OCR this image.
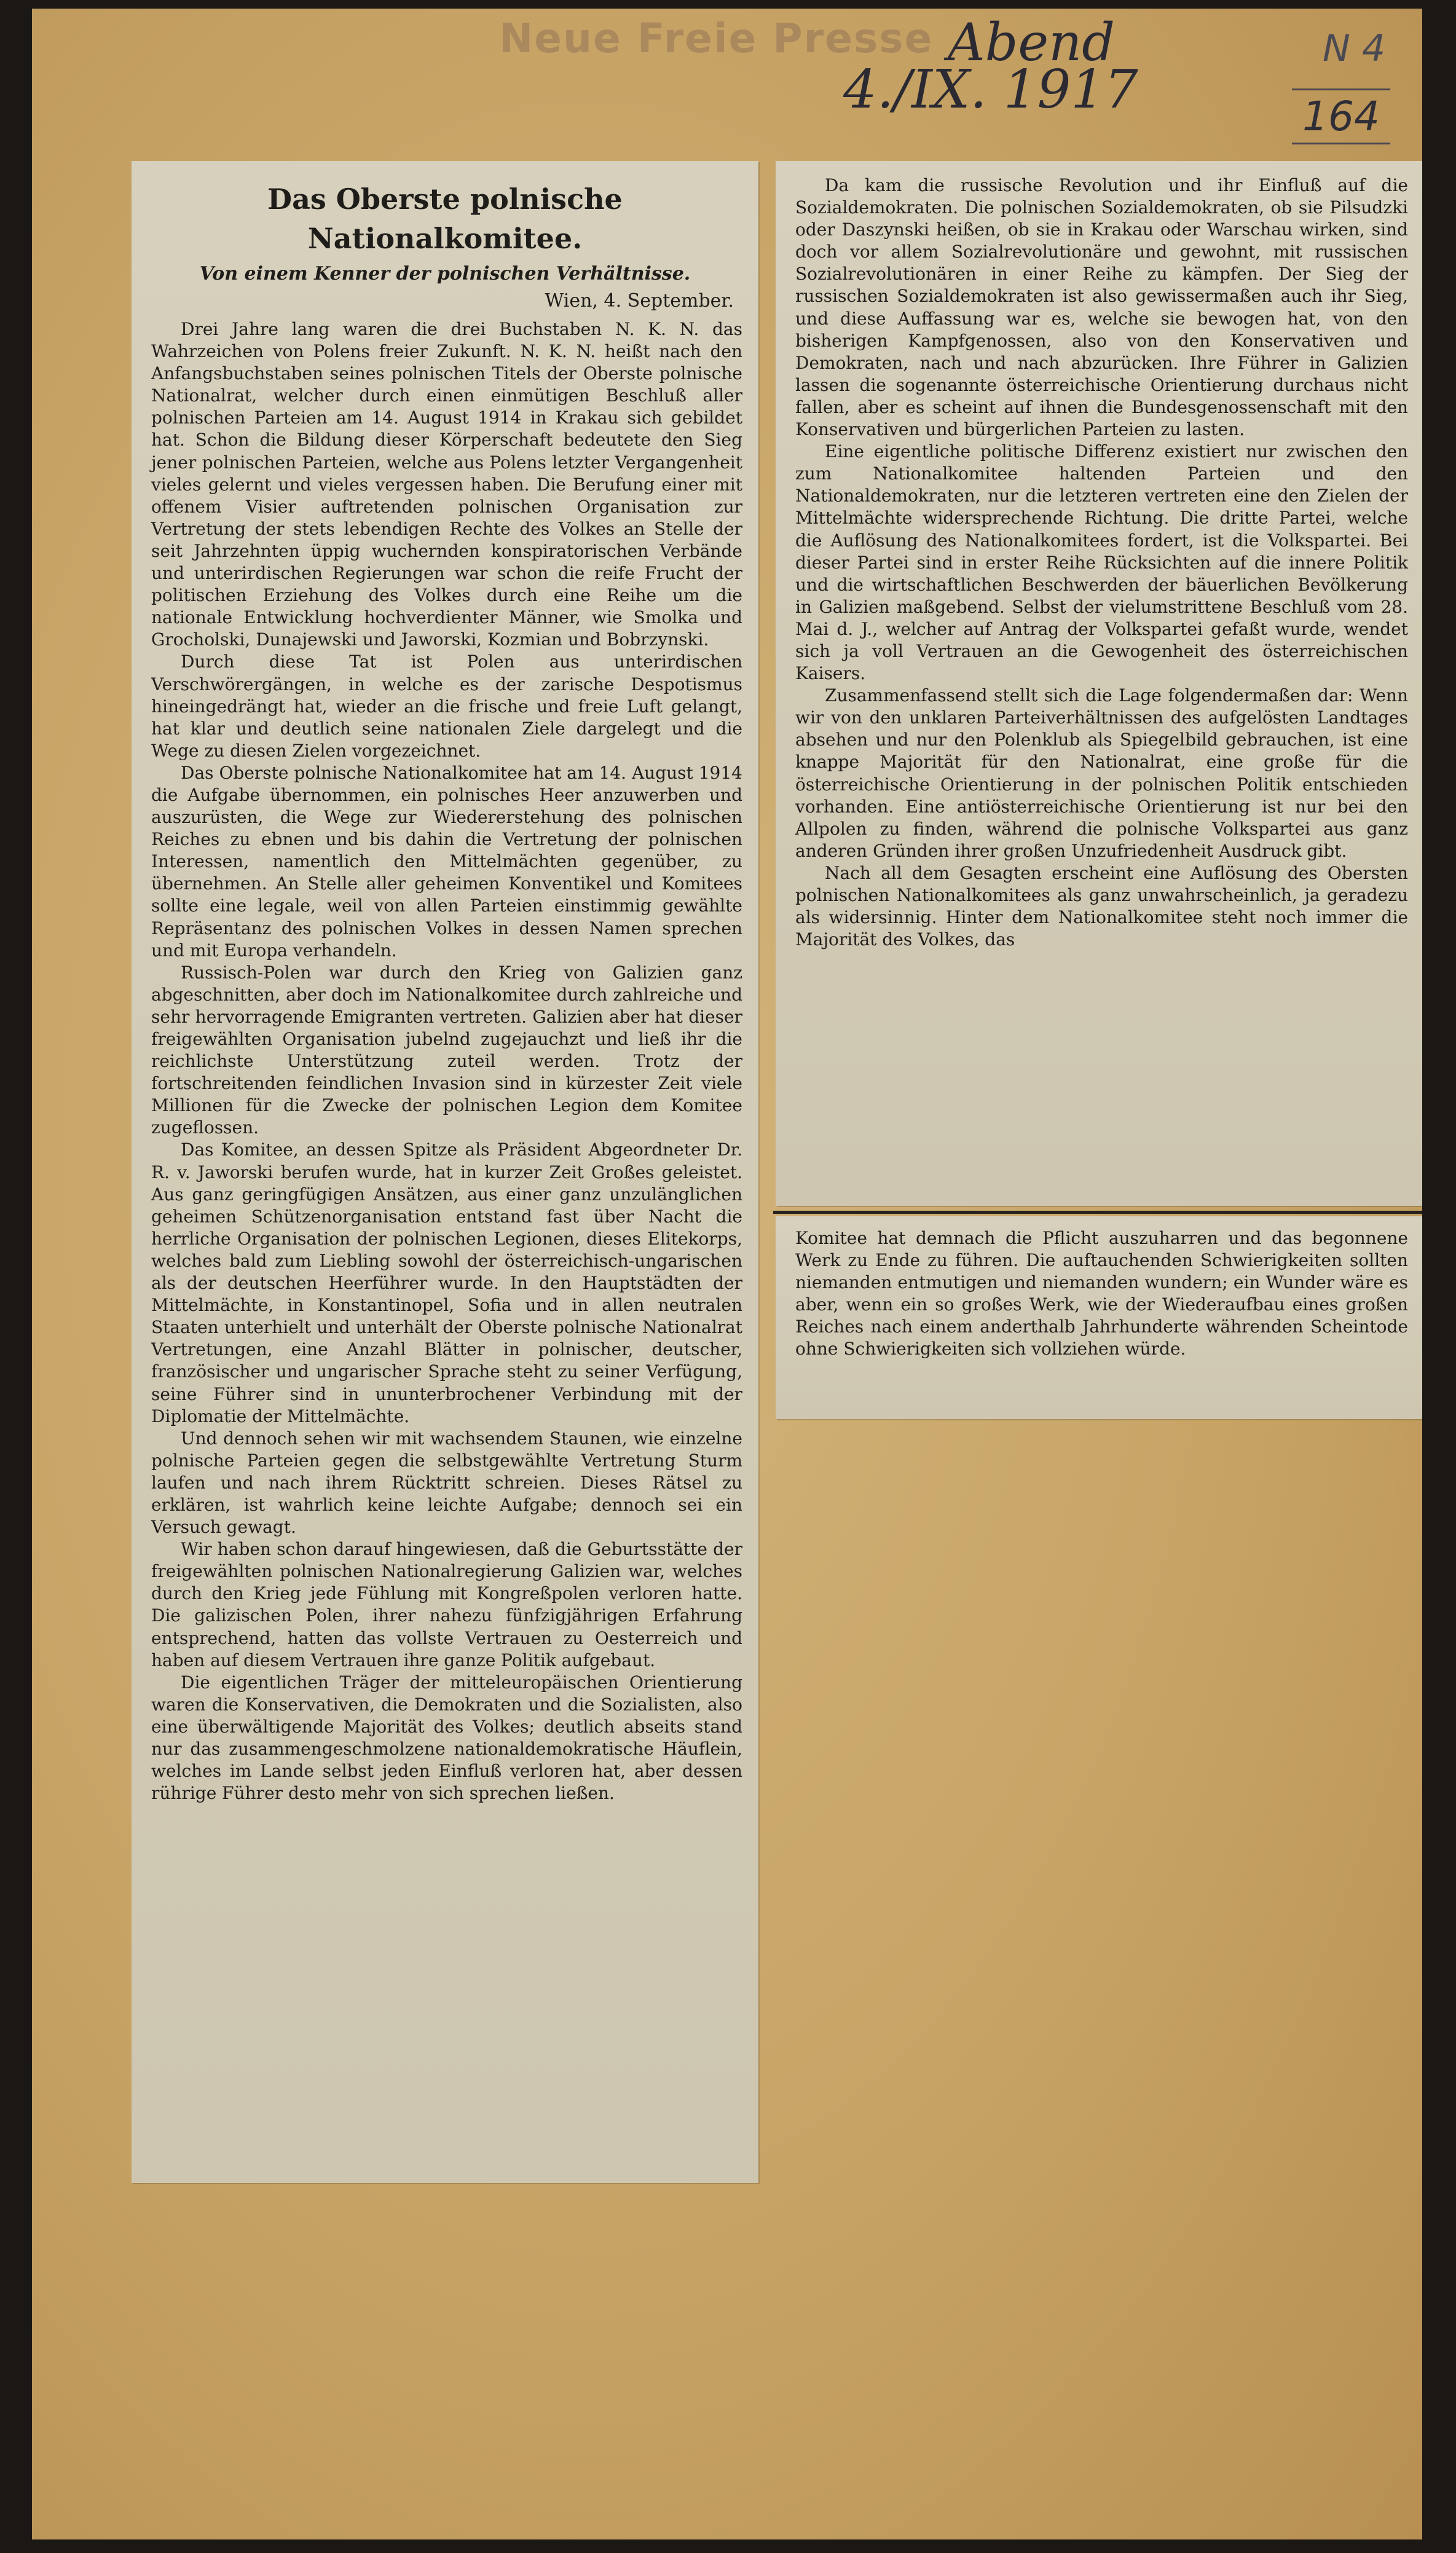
Neue Freie Presse Abend
4./IX. 1917
N 4
164
Das Oberste polnische Nationalkomitee.
Von einem Kenner der polnischen Verhältnisse.
Wien, 4. September.

Drei Jahre lang waren die drei Buchstaben N. K. N. das Wahrzeichen von Polens freier Zukunft. N. K. N. heißt nach den Anfangsbuchstaben seines polnischen Titels der Oberste polnische Nationalrat, welcher durch einen einmütigen Beschluß aller polnischen Parteien am 14. August 1914 in Krakau sich gebildet hat. Schon die Bildung dieser Körperschaft bedeutete den Sieg jener polnischen Parteien, welche aus Polens letzter Vergangenheit vieles gelernt und vieles vergessen haben. Die Berufung einer mit offenem Visier auftretenden polnischen Organisation zur Vertretung der stets lebendigen Rechte des Volkes an Stelle der seit Jahrzehnten üppig wuchernden konspiratorischen Verbände und unterirdischen Regierungen war schon die reife Frucht der politischen Erziehung des Volkes durch eine Reihe um die nationale Entwicklung hochverdienter Männer, wie Smolka und Grocholski, Dunajewski und Jaworski, Kozmian und Bobrzynski.

Durch diese Tat ist Polen aus unterirdischen Verschwörergängen, in welche es der zarische Despotismus hineingedrängt hat, wieder an die frische und freie Luft gelangt, hat klar und deutlich seine nationalen Ziele dargelegt und die Wege zu diesen Zielen vorgezeichnet.

Das Oberste polnische Nationalkomitee hat am 14. August 1914 die Aufgabe übernommen, ein polnisches Heer anzuwerben und auszurüsten, die Wege zur Wiedererstehung des polnischen Reiches zu ebnen und bis dahin die Vertretung der polnischen Interessen, namentlich den Mittelmächten gegenüber, zu übernehmen. An Stelle aller geheimen Konventikel und Komitees sollte eine legale, weil von allen Parteien einstimmig gewählte Repräsentanz des polnischen Volkes in dessen Namen sprechen und mit Europa verhandeln.

Russisch-Polen war durch den Krieg von Galizien ganz abgeschnitten, aber doch im Nationalkomitee durch zahlreiche und sehr hervorragende Emigranten vertreten. Galizien aber hat dieser freigewählten Organisation jubelnd zugejauchzt und ließ ihr die reichlichste Unterstützung zuteil werden. Trotz der fortschreitenden feindlichen Invasion sind in kürzester Zeit viele Millionen für die Zwecke der polnischen Legion dem Komitee zugeflossen.

Das Komitee, an dessen Spitze als Präsident Abgeordneter Dr. R. v. Jaworski berufen wurde, hat in kurzer Zeit Großes geleistet. Aus ganz geringfügigen Ansätzen, aus einer ganz unzulänglichen geheimen Schützenorganisation entstand fast über Nacht die herrliche Organisation der polnischen Legionen, dieses Elitekorps, welches bald zum Liebling sowohl der österreichisch-ungarischen als der deutschen Heerführer wurde. In den Hauptstädten der Mittelmächte, in Konstantinopel, Sofia und in allen neutralen Staaten unterhielt und unterhält der Oberste polnische Nationalrat Vertretungen, eine Anzahl Blätter in polnischer, deutscher, französischer und ungarischer Sprache steht zu seiner Verfügung, seine Führer sind in ununterbrochener Verbindung mit der Diplomatie der Mittelmächte.

Und dennoch sehen wir mit wachsendem Staunen, wie einzelne polnische Parteien gegen die selbstgewählte Vertretung Sturm laufen und nach ihrem Rücktritt schreien. Dieses Rätsel zu erklären, ist wahrlich keine leichte Aufgabe; dennoch sei ein Versuch gewagt.

Wir haben schon darauf hingewiesen, daß die Geburtsstätte der freigewählten polnischen Nationalregierung Galizien war, welches durch den Krieg jede Fühlung mit Kongreßpolen verloren hatte. Die galizischen Polen, ihrer nahezu fünfzigjährigen Erfahrung entsprechend, hatten das vollste Vertrauen zu Oesterreich und haben auf diesem Vertrauen ihre ganze Politik aufgebaut.

Die eigentlichen Träger der mitteleuropäischen Orientierung waren die Konservativen, die Demokraten und die Sozialisten, also eine überwältigende Majorität des Volkes; deutlich abseits stand nur das zusammengeschmolzene nationaldemokratische Häuflein, welches im Lande selbst jeden Einfluß verloren hat, aber dessen rührige Führer desto mehr von sich sprechen ließen.

Da kam die russische Revolution und ihr Einfluß auf die Sozialdemokraten. Die polnischen Sozialdemokraten, ob sie Pilsudzki oder Daszynski heißen, ob sie in Krakau oder Warschau wirken, sind doch vor allem Sozialrevolutionäre und gewohnt, mit russischen Sozialrevolutionären in einer Reihe zu kämpfen. Der Sieg der russischen Sozialdemokraten ist also gewissermaßen auch ihr Sieg, und diese Auffassung war es, welche sie bewogen hat, von den bisherigen Kampfgenossen, also von den Konservativen und Demokraten, nach und nach abzurücken. Ihre Führer in Galizien lassen die sogenannte österreichische Orientierung durchaus nicht fallen, aber es scheint auf ihnen die Bundesgenossenschaft mit den Konservativen und bürgerlichen Parteien zu lasten.

Eine eigentliche politische Differenz existiert nur zwischen den zum Nationalkomitee haltenden Parteien und den Nationaldemokraten, nur die letzteren vertreten eine den Zielen der Mittelmächte widersprechende Richtung. Die dritte Partei, welche die Auflösung des Nationalkomitees fordert, ist die Volkspartei. Bei dieser Partei sind in erster Reihe Rücksichten auf die innere Politik und die wirtschaftlichen Beschwerden der bäuerlichen Bevölkerung in Galizien maßgebend. Selbst der vielumstrittene Beschluß vom 28. Mai d. J., welcher auf Antrag der Volkspartei gefaßt wurde, wendet sich ja voll Vertrauen an die Gewogenheit des österreichischen Kaisers.

Zusammenfassend stellt sich die Lage folgendermaßen dar: Wenn wir von den unklaren Parteiverhältnissen des aufgelösten Landtages absehen und nur den Polenklub als Spiegelbild gebrauchen, ist eine knappe Majorität für den Nationalrat, eine große für die österreichische Orientierung in der polnischen Politik entschieden vorhanden. Eine antiösterreichische Orientierung ist nur bei den Allpolen zu finden, während die polnische Volkspartei aus ganz anderen Gründen ihrer großen Unzufriedenheit Ausdruck gibt.

Nach all dem Gesagten erscheint eine Auflösung des Obersten polnischen Nationalkomitees als ganz unwahrscheinlich, ja geradezu als widersinnig. Hinter dem Nationalkomitee steht noch immer die Majorität des Volkes, das

Komitee hat demnach die Pflicht auszuharren und das begonnene Werk zu Ende zu führen. Die auftauchenden Schwierigkeiten sollten niemanden entmutigen und niemanden wundern; ein Wunder wäre es aber, wenn ein so großes Werk, wie der Wiederaufbau eines großen Reiches nach einem anderthalb Jahrhunderte währenden Scheintode ohne Schwierigkeiten sich vollziehen würde.
